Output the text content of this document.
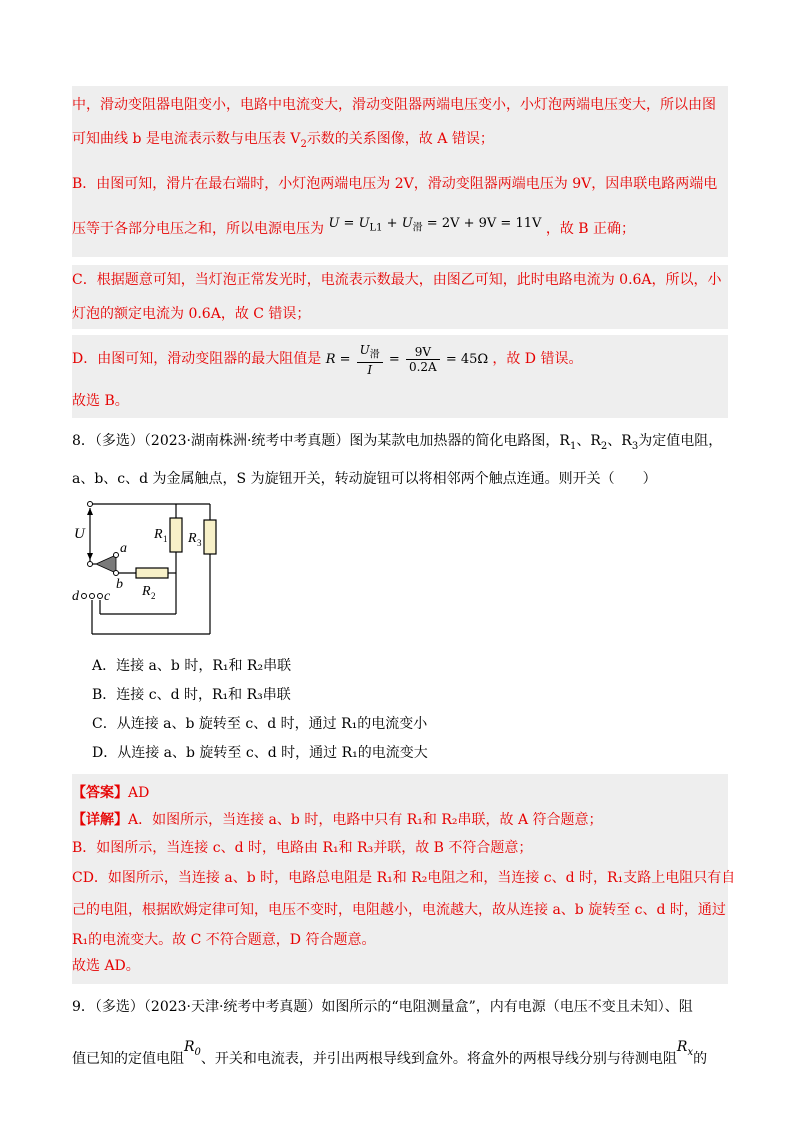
中，滑动变阻器电阻变小，电路中电流变大，滑动变阻器两端电压变小，小灯泡两端电压变大，所以由图

可知曲线 b 是电流表示数与电压表 $V_2$示数的关系图像，故 A 错误；

B．由图可知，滑片在最右端时，小灯泡两端电压为 2V，滑动变阻器两端电压为 9V，因串联电路两端电

压等于各部分电压之和，所以电源电压为 $U = U_{L1} + U_滑 = 2V + 9V = 11V$ ，故 B 正确；

C．根据题意可知，当灯泡正常发光时，电流表示数最大，由图乙可知，此时电路电流为 0.6A，所以，小

灯泡的额定电流为 0.6A，故 C 错误；

D．由图可知，滑动变阻器的最大阻值是 $R = \frac{U_滑}{I} = \frac{9V}{0.2A} = 45\Omega$ ，故 D 错误。

故选 B。

8．（多选）（2023·湖南株洲·统考中考真题）图为某款电加热器的简化电路图，$R_1$、$R_2$、$R_3$为定值电阻，

a、b、c、d 为金属触点，S 为旋钮开关，转动旋钮可以将相邻两个触点连通。则开关（　　）

U
a
b
c
d
R 1 R 3
R 2

A．连接 a、b 时，R₁和 R₂串联

B．连接 c、d 时，R₁和 R₃串联

C．从连接 a、b 旋转至 c、d 时，通过 R₁的电流变小

D．从连接 a、b 旋转至 c、d 时，通过 R₁的电流变大

【答案】AD

【详解】A．如图所示，当连接 a、b 时，电路中只有 R₁和 R₂串联，故 A 符合题意；

B．如图所示，当连接 c、d 时，电路由 R₁和 R₃并联，故 B 不符合题意；

CD．如图所示，当连接 a、b 时，电路总电阻是 R₁和 R₂电阻之和，当连接 c、d 时，R₁支路上电阻只有自

己的电阻，根据欧姆定律可知，电压不变时，电阻越小，电流越大，故从连接 a、b 旋转至 c、d 时，通过

R₁的电流变大。故 C 不符合题意，D 符合题意。

故选 AD。

9．（多选）（2023·天津·统考中考真题）如图所示的“电阻测量盒”，内有电源（电压不变且未知）、阻

值已知的定值电阻$R_0$、开关和电流表，并引出两根导线到盒外。将盒外的两根导线分别与待测电阻$R_x$的
